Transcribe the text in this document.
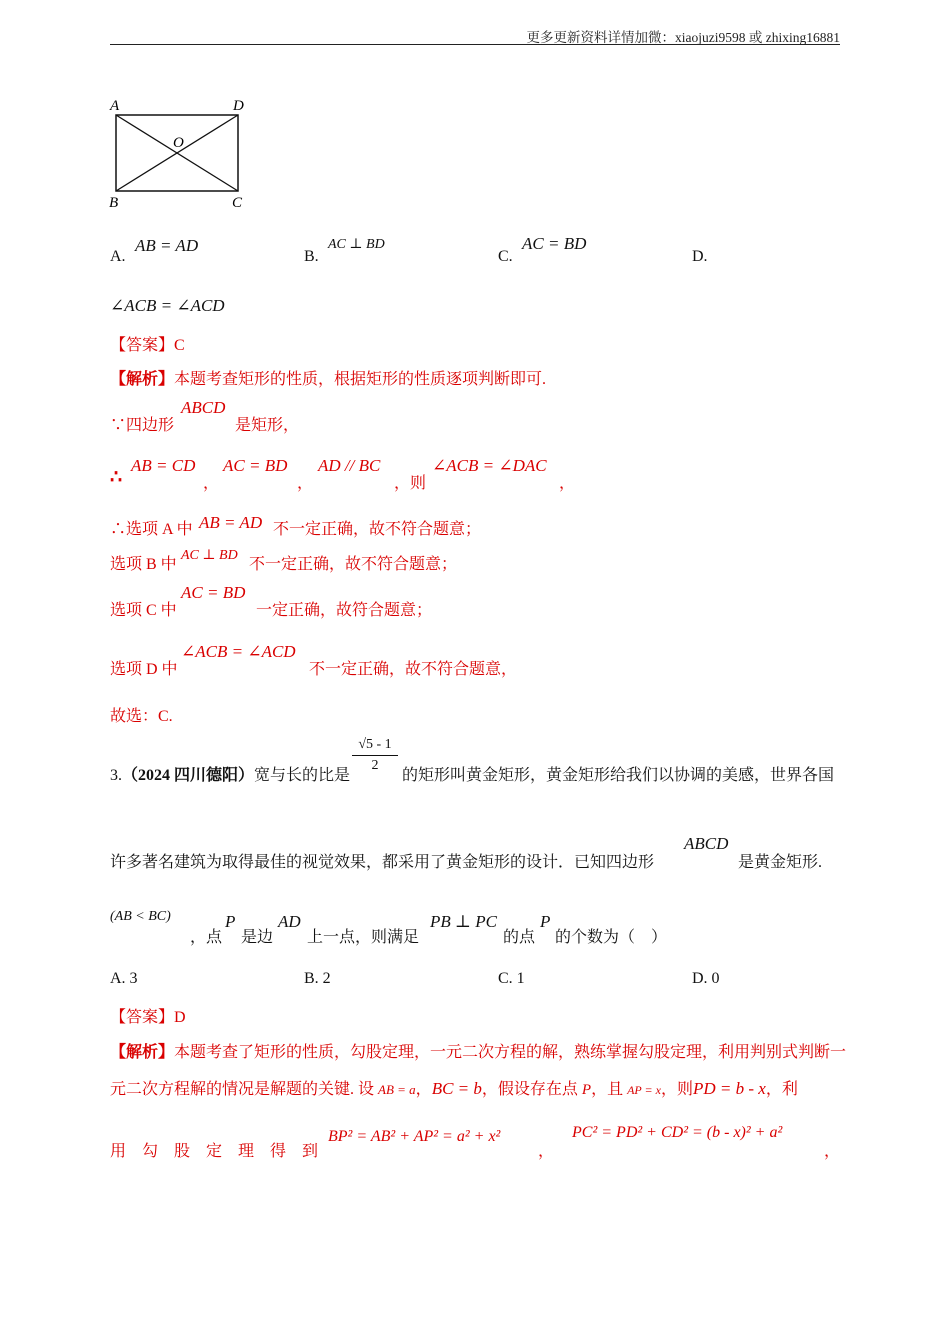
更多更新资料详情加微：xiaojuzi9598 或 zhixing16881
A	D
O
B	C
A.
AB = AD
B.
AC ⊥ BD
C.
AC = BD
D.
∠ACB = ∠ACD
【答案】C
【解析】本题考查矩形的性质，根据矩形的性质逐项判断即可.
∵四边形
ABCD
是矩形，
∴
AB = CD
，
AC = BD
，
AD // BC
，则
∠ACB = ∠DAC
，
∴选项 A 中 AB = AD 不一定正确，故不符合题意；
选项 B 中
AC ⊥ BD
不一定正确，故不符合题意；
选项 C 中
AC = BD
一定正确，故符合题意；
选项 D 中
∠ACB = ∠ACD
不一定正确，故不符合题意，
故选：C.
3.（2024 四川德阳）宽与长的比是
√5 - 1
2
的矩形叫黄金矩形，黄金矩形给我们以协调的美感，世界各国
许多著名建筑为取得最佳的视觉效果，都采用了黄金矩形的设计．已知四边形
ABCD
是黄金矩形.
(AB < BC)
，点
P
是边
AD
上一点，则满足
PB ⊥ PC
的点
P
的个数为（　）
A. 3	B. 2	C. 1	D. 0
【答案】D
【解析】本题考查了矩形的性质，勾股定理，一元二次方程的解，熟练掌握勾股定理，利用判别式判断一
元二次方程解的情况是解题的关键. 设 AB = a，BC = b，假设存在点 P，且 AP = x，则PD = b - x，利
用　勾　股　定　理　得　到
BP² = AB² + AP² = a² + x²
，
PC² = PD² + CD² = (b - x)² + a²
，
